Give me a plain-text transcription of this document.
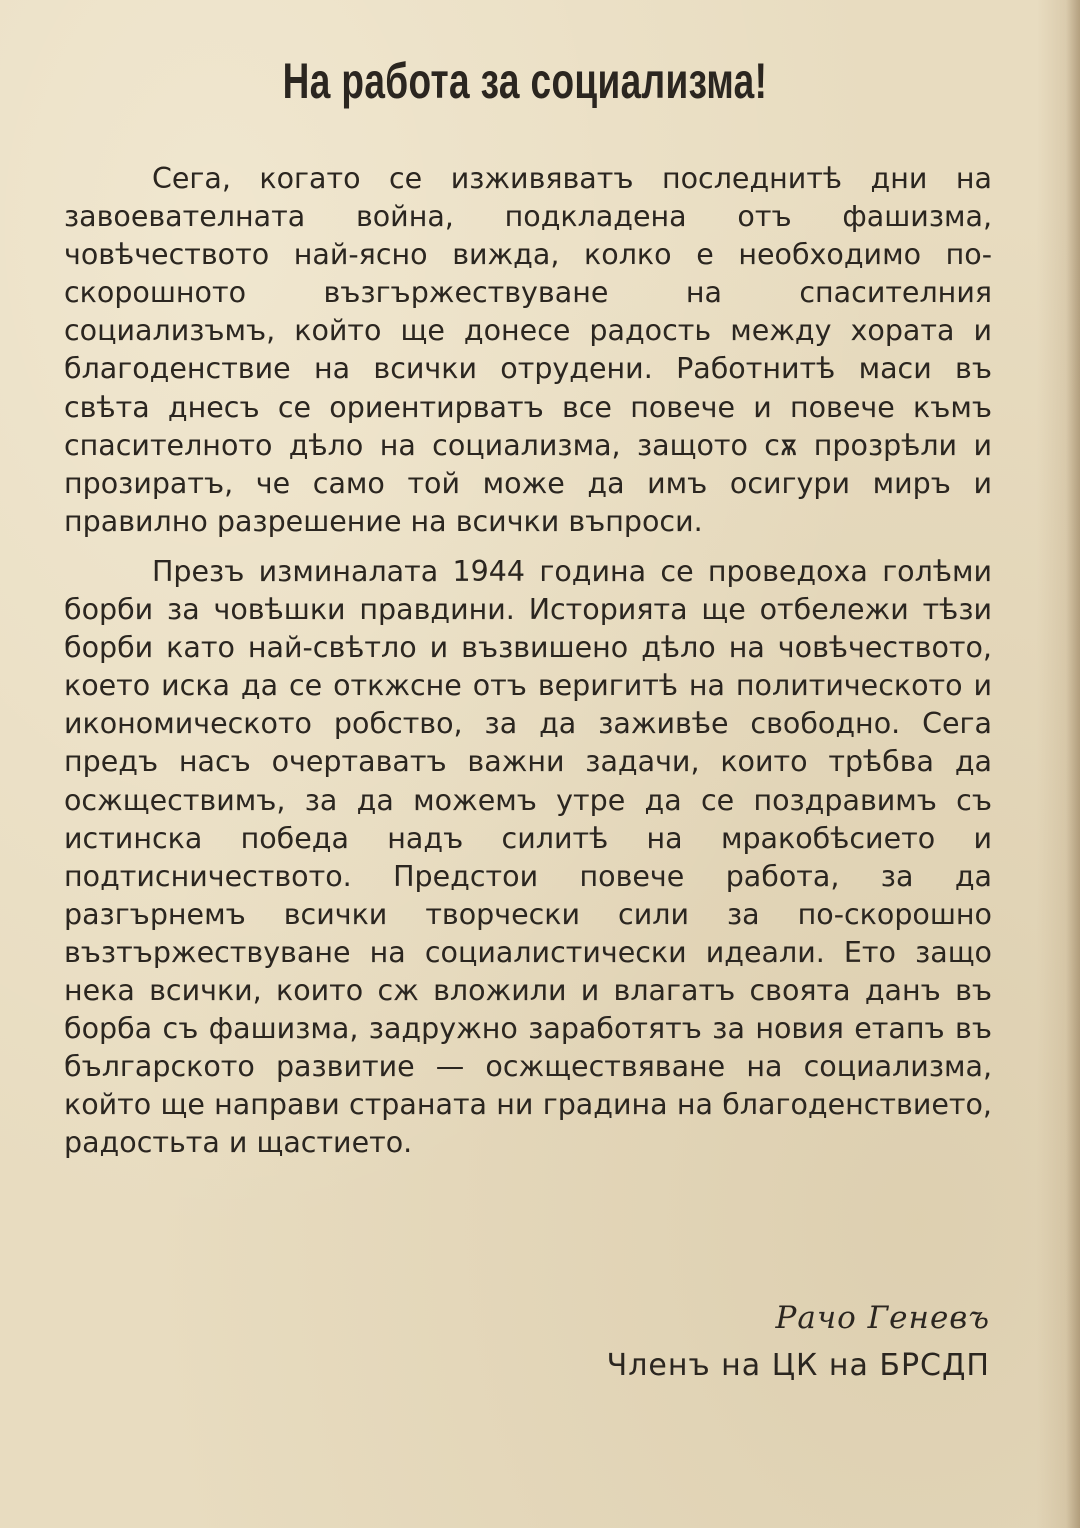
На работа за социализма!

Сега, когато се изживяватъ последнитѣ дни на завоевателната война, подкладена отъ фашизма, човѣчеството най-ясно вижда, колко е необходимо по-скорошното възгържествуване на спасителния социализъмъ, който ще донесе радость между хората и благоденствие на всички отрудени. Работнитѣ маси въ свѣта днесъ се ориентирватъ все повече и повече къмъ спасителното дѣло на социализма, защото сѫ прозрѣли и прозиратъ, че само той може да имъ осигури миръ и правилно разрешение на всички въпроси.

Презъ изминалата 1944 година се проведоха голѣми борби за човѣшки правдини. Историята ще отбележи тѣзи борби като най-свѣтло и възвишено дѣло на човѣчеството, което иска да се откжсне отъ веригитѣ на политическото и икономическото робство, за да заживѣе свободно. Сега предъ насъ очертаватъ важни задачи, които трѣбва да осжществимъ, за да можемъ утре да се поздравимъ съ истинска победа надъ силитѣ на мракобѣсието и подтисничеството. Предстои повече работа, за да разгърнемъ всички творчески сили за по-скорошно възтържествуване на социалистически идеали. Ето защо нека всички, които сж вложили и влагатъ своята данъ въ борба съ фашизма, задружно заработятъ за новия етапъ въ българското развитие — осжществяване на социализма, който ще направи страната ни градина на благоденствието, радостьта и щастието.

Рачо Геневъ
Членъ на ЦК на БРСДП
